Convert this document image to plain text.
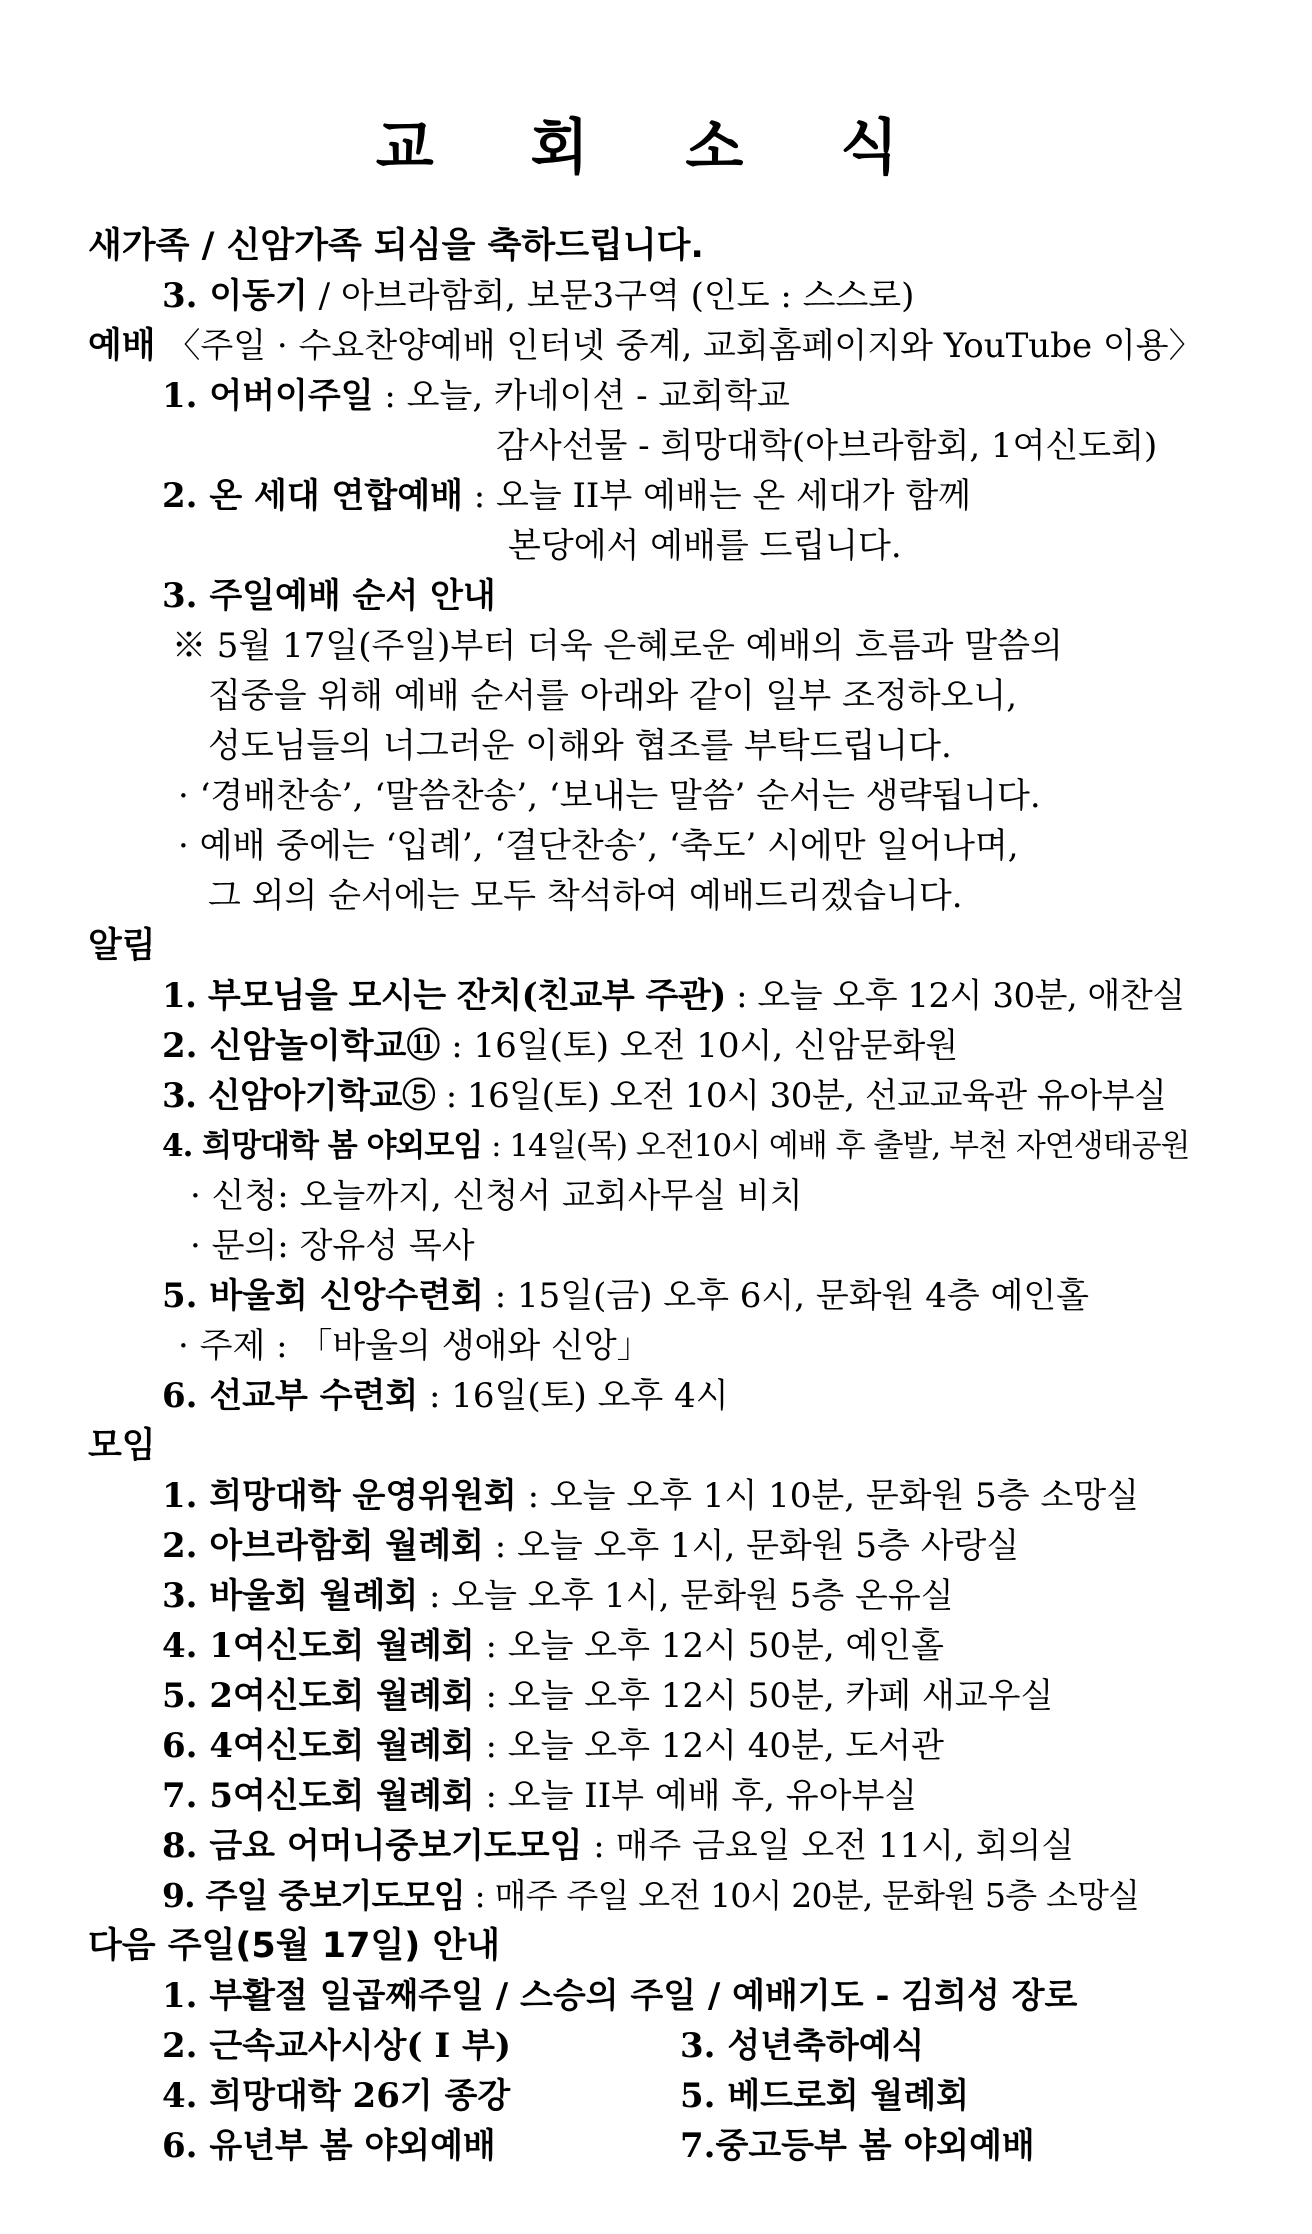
교 회 소 식
새가족 / 신암가족 되심을 축하드립니다.
3. 이동기 / 아브라함회, 보문3구역 (인도 : 스스로)
예배 〈주일 · 수요찬양예배 인터넷 중계, 교회홈페이지와 YouTube 이용〉
1. 어버이주일 : 오늘, 카네이션 - 교회학교
감사선물 - 희망대학(아브라함회, 1여신도회)
2. 온 세대 연합예배 : 오늘 II부 예배는 온 세대가 함께
본당에서 예배를 드립니다.
3. 주일예배 순서 안내
※ 5월 17일(주일)부터 더욱 은혜로운 예배의 흐름과 말씀의
집중을 위해 예배 순서를 아래와 같이 일부 조정하오니,
성도님들의 너그러운 이해와 협조를 부탁드립니다.
· ‘경배찬송’, ‘말씀찬송’, ‘보내는 말씀’ 순서는 생략됩니다.
· 예배 중에는 ‘입례’, ‘결단찬송’, ‘축도’ 시에만 일어나며,
그 외의 순서에는 모두 착석하여 예배드리겠습니다.
알림
1. 부모님을 모시는 잔치(친교부 주관) : 오늘 오후 12시 30분, 애찬실
2. 신암놀이학교⑪ : 16일(토) 오전 10시, 신암문화원
3. 신암아기학교⑤ : 16일(토) 오전 10시 30분, 선교교육관 유아부실
4. 희망대학 봄 야외모임 : 14일(목) 오전10시 예배 후 출발, 부천 자연생태공원
· 신청: 오늘까지, 신청서 교회사무실 비치
· 문의: 장유성 목사
5. 바울회 신앙수련회 : 15일(금) 오후 6시, 문화원 4층 예인홀
· 주제 : 「바울의 생애와 신앙」
6. 선교부 수련회 : 16일(토) 오후 4시
모임
1. 희망대학 운영위원회 : 오늘 오후 1시 10분, 문화원 5층 소망실
2. 아브라함회 월례회 : 오늘 오후 1시, 문화원 5층 사랑실
3. 바울회 월례회 : 오늘 오후 1시, 문화원 5층 온유실
4. 1여신도회 월례회 : 오늘 오후 12시 50분, 예인홀
5. 2여신도회 월례회 : 오늘 오후 12시 50분, 카페 새교우실
6. 4여신도회 월례회 : 오늘 오후 12시 40분, 도서관
7. 5여신도회 월례회 : 오늘 II부 예배 후, 유아부실
8. 금요 어머니중보기도모임 : 매주 금요일 오전 11시, 회의실
9. 주일 중보기도모임 : 매주 주일 오전 10시 20분, 문화원 5층 소망실
다음 주일(5월 17일) 안내
1. 부활절 일곱째주일 / 스승의 주일 / 예배기도 - 김희성 장로
2. 근속교사시상( I 부)	3. 성년축하예식
4. 희망대학 26기 종강	5. 베드로회 월례회
6. 유년부 봄 야외예배	7.중고등부 봄 야외예배
